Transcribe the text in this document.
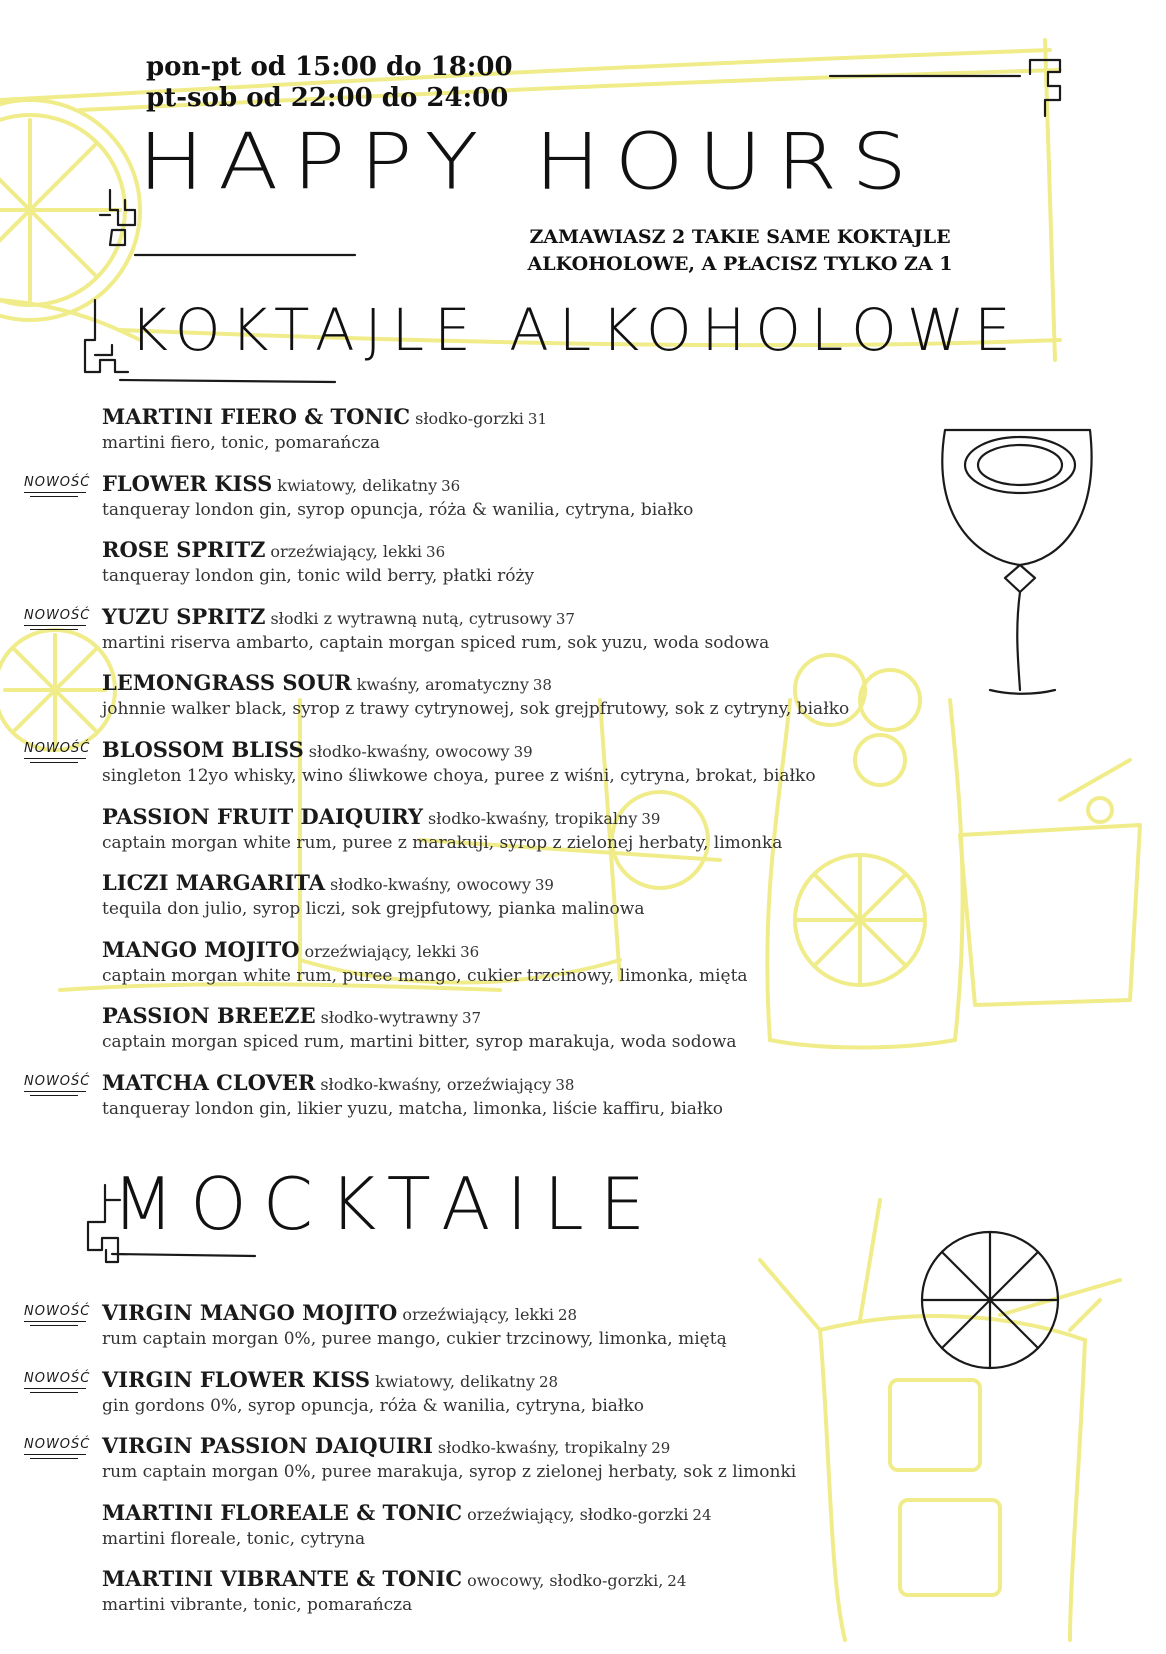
pon-pt od 15:00 do 18:00
pt-sob od 22:00 do 24:00
HAPPY HOURS
ZAMAWIASZ 2 TAKIE SAME KOKTAJLE
ALKOHOLOWE, A PŁACISZ TYLKO ZA 1
KOKTAJLE ALKOHOLOWE
MARTINI FIERO & TONIC słodko-gorzki 31
martini fiero, tonic, pomarańcza
NOWOŚĆ FLOWER KISS kwiatowy, delikatny 36
tanqueray london gin, syrop opuncja, róża & wanilia, cytryna, białko
ROSE SPRITZ orzeźwiający, lekki 36
tanqueray london gin, tonic wild berry, płatki róży
NOWOŚĆ YUZU SPRITZ słodki z wytrawną nutą, cytrusowy 37
martini riserva ambarto, captain morgan spiced rum, sok yuzu, woda sodowa
LEMONGRASS SOUR kwaśny, aromatyczny 38
johnnie walker black, syrop z trawy cytrynowej, sok grejpfrutowy, sok z cytryny, białko
NOWOŚĆ BLOSSOM BLISS słodko-kwaśny, owocowy 39
singleton 12yo whisky, wino śliwkowe choya, puree z wiśni, cytryna, brokat, białko
PASSION FRUIT DAIQUIRY słodko-kwaśny, tropikalny 39
captain morgan white rum, puree z marakuji, syrop z zielonej herbaty, limonka
LICZI MARGARITA słodko-kwaśny, owocowy 39
tequila don julio, syrop liczi, sok grejpfutowy, pianka malinowa
MANGO MOJITO orzeźwiający, lekki 36
captain morgan white rum, puree mango, cukier trzcinowy, limonka, mięta
PASSION BREEZE słodko-wytrawny 37
captain morgan spiced rum, martini bitter, syrop marakuja, woda sodowa
NOWOŚĆ MATCHA CLOVER słodko-kwaśny, orzeźwiający 38
tanqueray london gin, likier yuzu, matcha, limonka, liście kaffiru, białko
MOCKTAILE
NOWOŚĆ VIRGIN MANGO MOJITO orzeźwiający, lekki 28
rum captain morgan 0%, puree mango, cukier trzcinowy, limonka, miętą
NOWOŚĆ VIRGIN FLOWER KISS kwiatowy, delikatny 28
gin gordons 0%, syrop opuncja, róża & wanilia, cytryna, białko
NOWOŚĆ VIRGIN PASSION DAIQUIRI słodko-kwaśny, tropikalny 29
rum captain morgan 0%, puree marakuja, syrop z zielonej herbaty, sok z limonki
MARTINI FLOREALE & TONIC orzeźwiający, słodko-gorzki 24
martini floreale, tonic, cytryna
MARTINI VIBRANTE & TONIC owocowy, słodko-gorzki, 24
martini vibrante, tonic, pomarańcza
